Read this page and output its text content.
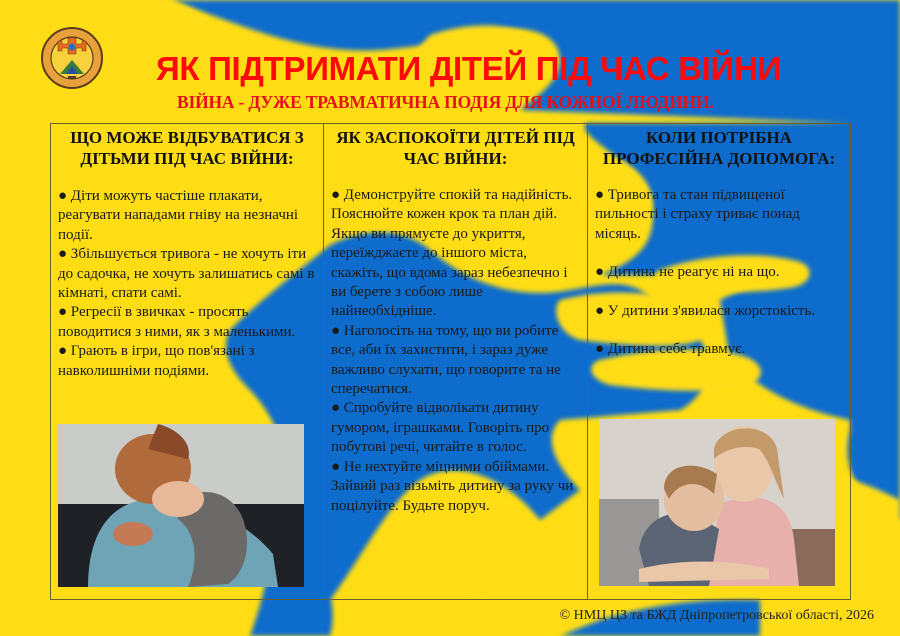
ЯК ПІДТРИМАТИ ДІТЕЙ ПІД ЧАС ВІЙНИ
ВІЙНА - ДУЖЕ ТРАВМАТИЧНА ПОДІЯ ДЛЯ КОЖНОЇ ЛЮДИНИ.
ЩО МОЖЕ ВІДБУВАТИСЯ З ДІТЬМИ ПІД ЧАС ВІЙНИ:

● Діти можуть частіше плакати, реагувати нападами гніву на незначні події.

● Збільшується тривога - не хочуть іти до садочка, не хочуть залишатись самі в кімнаті, спати самі.

● Регресії в звичках - просять поводитися з ними, як з маленькими.

● Грають в ігри, що пов'язані з навколишніми подіями.

ЯК ЗАСПОКОЇТИ ДІТЕЙ ПІД ЧАС ВІЙНИ:

● Демонструйте спокій та надійність. Пояснюйте кожен крок та план дій. Якщо ви прямуєте до укриття, переїжджаєте до іншого міста, скажіть, що вдома зараз небезпечно і ви берете з собою лише найнеобхідніше.

● Наголосіть на тому, що ви робите все, аби їх захистити, і зараз дуже важливо слухати, що говорите та не сперечатися.

● Спробуйте відволікати дитину гумором, іграшками. Говоріть про побутові речі, читайте в голос.

● Не нехтуйте міцними обіймами. Зайвий раз візьміть дитину за руку чи поцілуйте. Будьте поруч.

КОЛИ ПОТРІБНА ПРОФЕСІЙНА ДОПОМОГА:

● Тривога та стан підвищеної пильності і страху триває понад місяць.

● Дитина не реагує ні на що.

● У дитини з'явилася жорстокість.

● Дитина себе травмує.

© НМЦ ЦЗ та БЖД Дніпропетровської області, 2026
